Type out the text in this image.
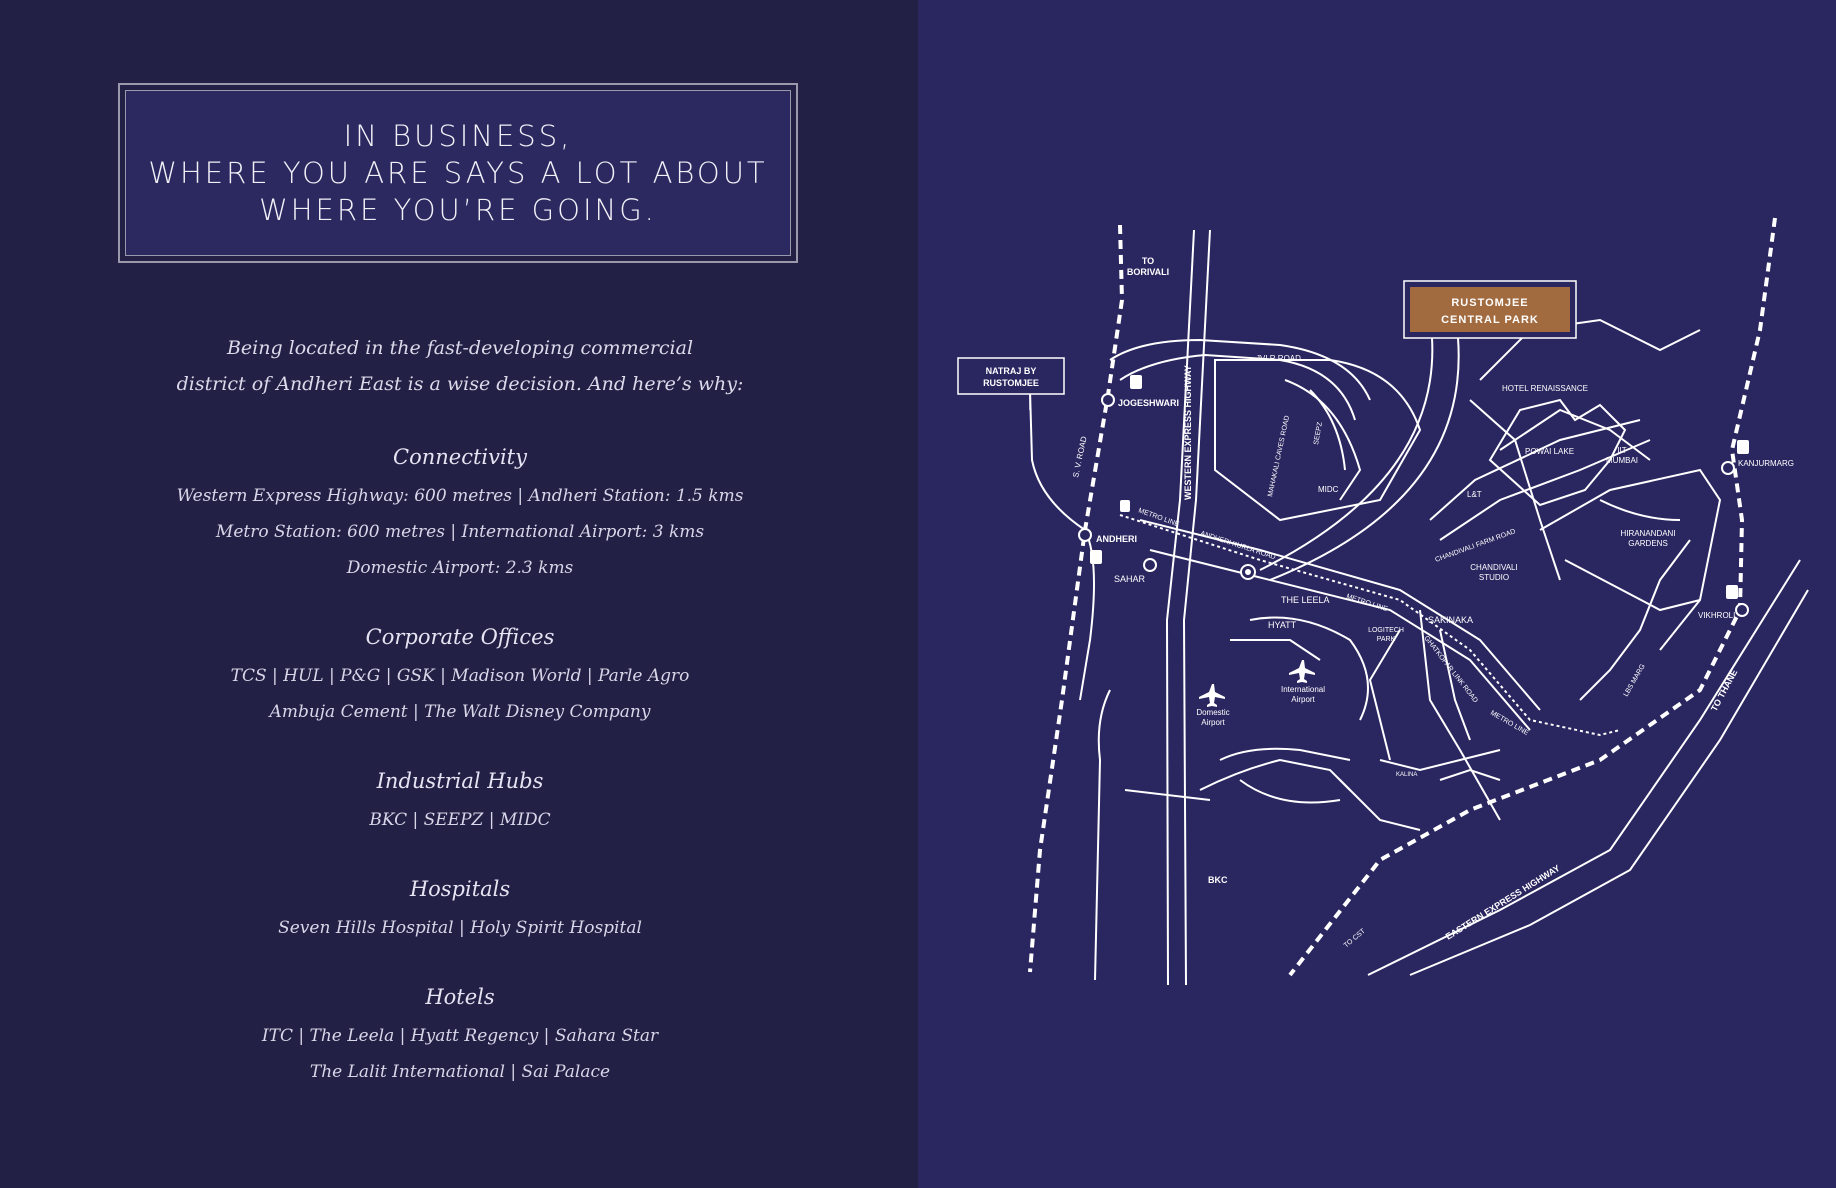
IN BUSINESS,
WHERE YOU ARE SAYS A LOT ABOUT
WHERE YOU’RE GOING.
Being located in the fast-developing commercial
district of Andheri East is a wise decision. And here’s why:
Connectivity
Western Express Highway: 600 metres | Andheri Station: 1.5 kms
Metro Station: 600 metres | International Airport: 3 kms
Domestic Airport: 2.3 kms
Corporate Offices
TCS | HUL | P&G | GSK | Madison World | Parle Agro
Ambuja Cement | The Walt Disney Company
Industrial Hubs
BKC | SEEPZ | MIDC
Hospitals
Seven Hills Hospital | Holy Spirit Hospital
Hotels
ITC | The Leela | Hyatt Regency | Sahara Star
The Lalit International | Sai Palace
NATRAJ BY
RUSTOMJEE
RUSTOMJEE
CENTRAL PARK
TO
BORIVALI
JOGESHWARI
ANDHERI
SAHAR
KANJURMARG
VIKHROLI
JVLR ROAD
HOTEL RENAISSANCE
POWAI LAKE	IIT
MUMBAI
MIDC
L&T
CHANDIVALI
STUDIO
HIRANANDANI
GARDENS
THE LEELA
HYATT
LOGITECH
PARK
SAKINAKA
Domestic
Airport
International
Airport
BKC
KALINA
WESTERN EXPRESS HIGHWAY
S. V. ROAD	MAHAKALI CAVES ROAD	SEEPZ
METRO LINE
ANDHERI KURLA ROAD
METRO LINE
CHANDIVALI FARM ROAD
GHATKOPAR LINK ROAD
METRO LINE
LBS MARG	TO THANE
TO CST	EASTERN EXPRESS HIGHWAY
